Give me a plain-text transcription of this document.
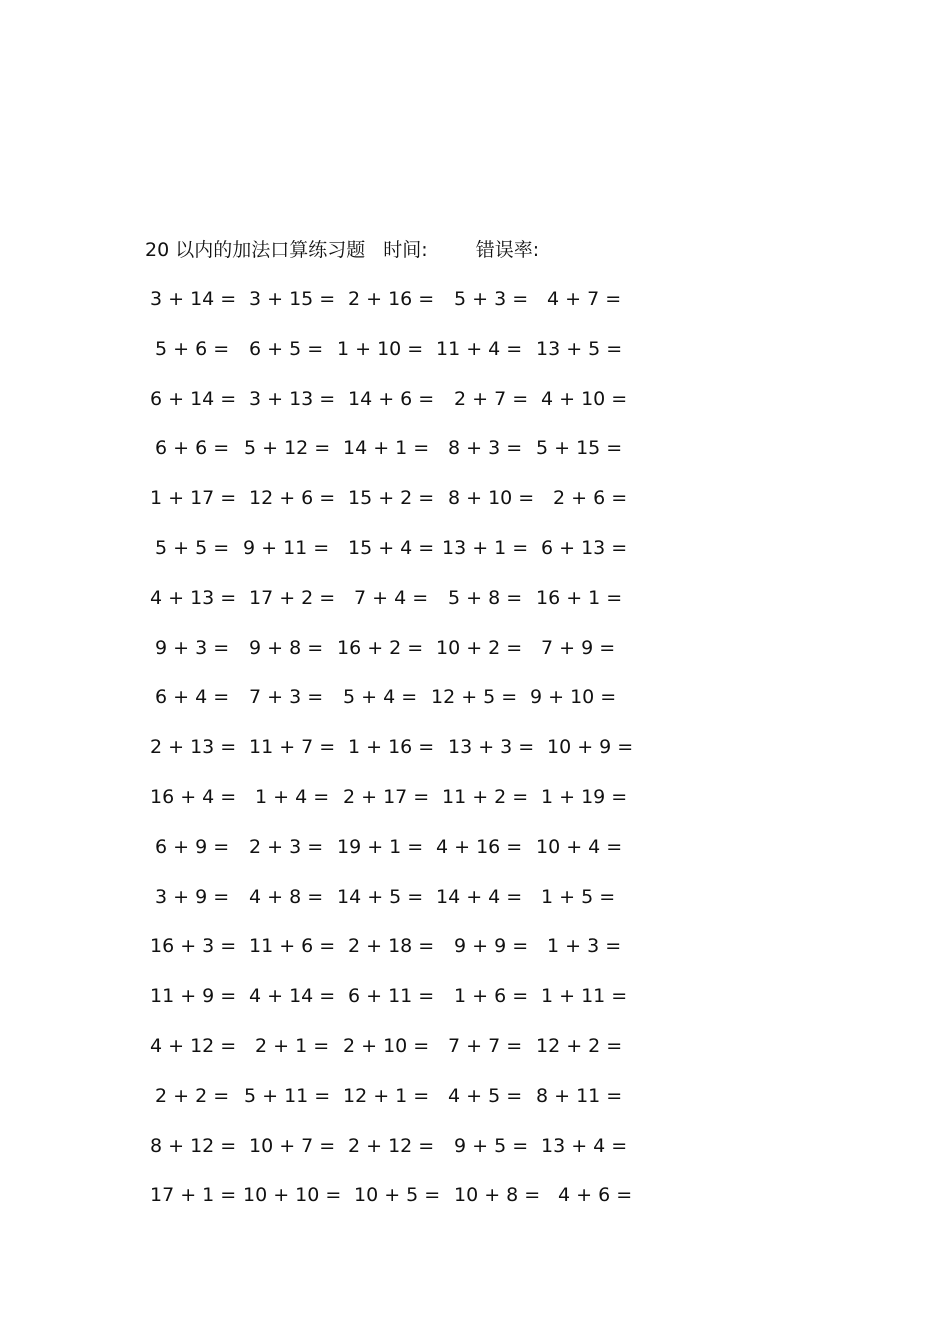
20 以内的加法口算练习题 时间:	错误率:
3 + 14 = 3 + 15 = 2 + 16 = 5 + 3 = 4 + 7 =
5 + 6 = 6 + 5 = 1 + 10 = 11 + 4 = 13 + 5 =
6 + 14 = 3 + 13 = 14 + 6 = 2 + 7 = 4 + 10 =
6 + 6 = 5 + 12 = 14 + 1 = 8 + 3 = 5 + 15 =
1 + 17 = 12 + 6 = 15 + 2 = 8 + 10 = 2 + 6 =
5 + 5 = 9 + 11 = 15 + 4 = 13 + 1 = 6 + 13 =
4 + 13 = 17 + 2 = 7 + 4 = 5 + 8 = 16 + 1 =
9 + 3 = 9 + 8 = 16 + 2 = 10 + 2 = 7 + 9 =
6 + 4 = 7 + 3 = 5 + 4 = 12 + 5 = 9 + 10 =
2 + 13 = 11 + 7 = 1 + 16 = 13 + 3 = 10 + 9 =
16 + 4 = 1 + 4 = 2 + 17 = 11 + 2 = 1 + 19 =
6 + 9 = 2 + 3 = 19 + 1 = 4 + 16 = 10 + 4 =
3 + 9 = 4 + 8 = 14 + 5 = 14 + 4 = 1 + 5 =
16 + 3 = 11 + 6 = 2 + 18 = 9 + 9 = 1 + 3 =
11 + 9 = 4 + 14 = 6 + 11 = 1 + 6 = 1 + 11 =
4 + 12 = 2 + 1 = 2 + 10 = 7 + 7 = 12 + 2 =
2 + 2 = 5 + 11 = 12 + 1 = 4 + 5 = 8 + 11 =
8 + 12 = 10 + 7 = 2 + 12 = 9 + 5 = 13 + 4 =
17 + 1 = 10 + 10 = 10 + 5 = 10 + 8 = 4 + 6 =
